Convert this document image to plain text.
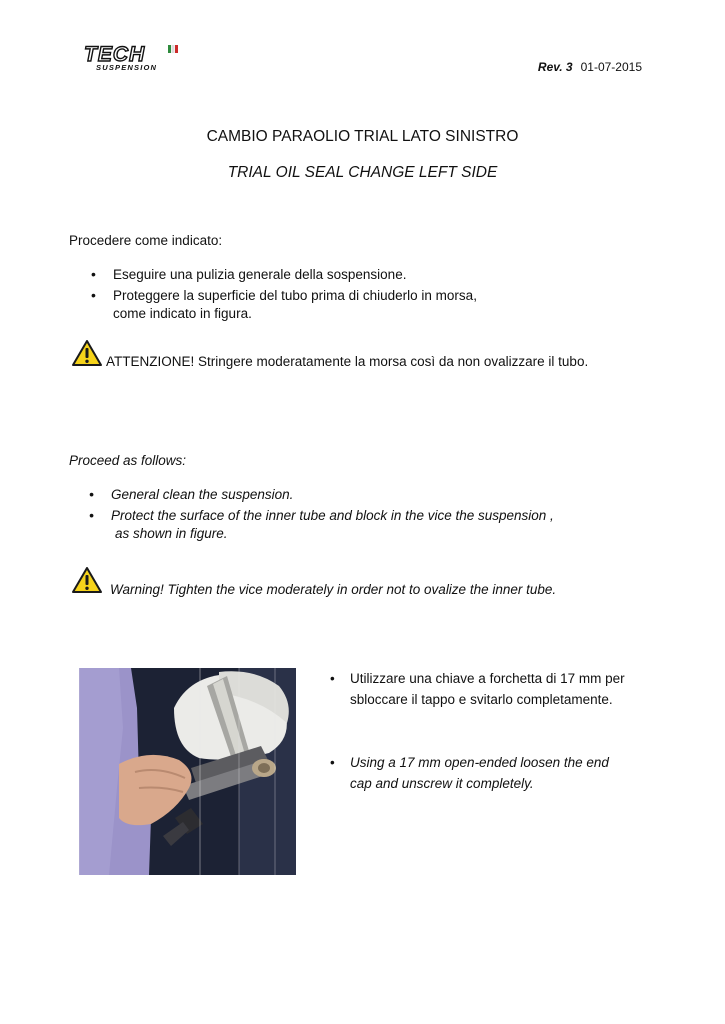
TECH
SUSPENSION	Rev. 3 01-07-2015
CAMBIO PARAOLIO TRIAL LATO SINISTRO
TRIAL OIL SEAL CHANGE LEFT SIDE
Procedere come indicato:
• Eseguire una pulizia generale della sospensione.
• Proteggere la superficie del tubo prima di chiuderlo in morsa,
come indicato in figura.
ATTENZIONE! Stringere moderatamente la morsa così da non ovalizzare il tubo.
Proceed as follows:
• General clean the suspension.
• Protect the surface of the inner tube and block in the vice the suspension ,
as shown in figure.
Warning! Tighten the vice moderately in order not to ovalize the inner tube.
• Utilizzare una chiave a forchetta di 17 mm per
sbloccare il tappo e svitarlo completamente.
• Using a 17 mm open-ended loosen the end
cap and unscrew it completely.
